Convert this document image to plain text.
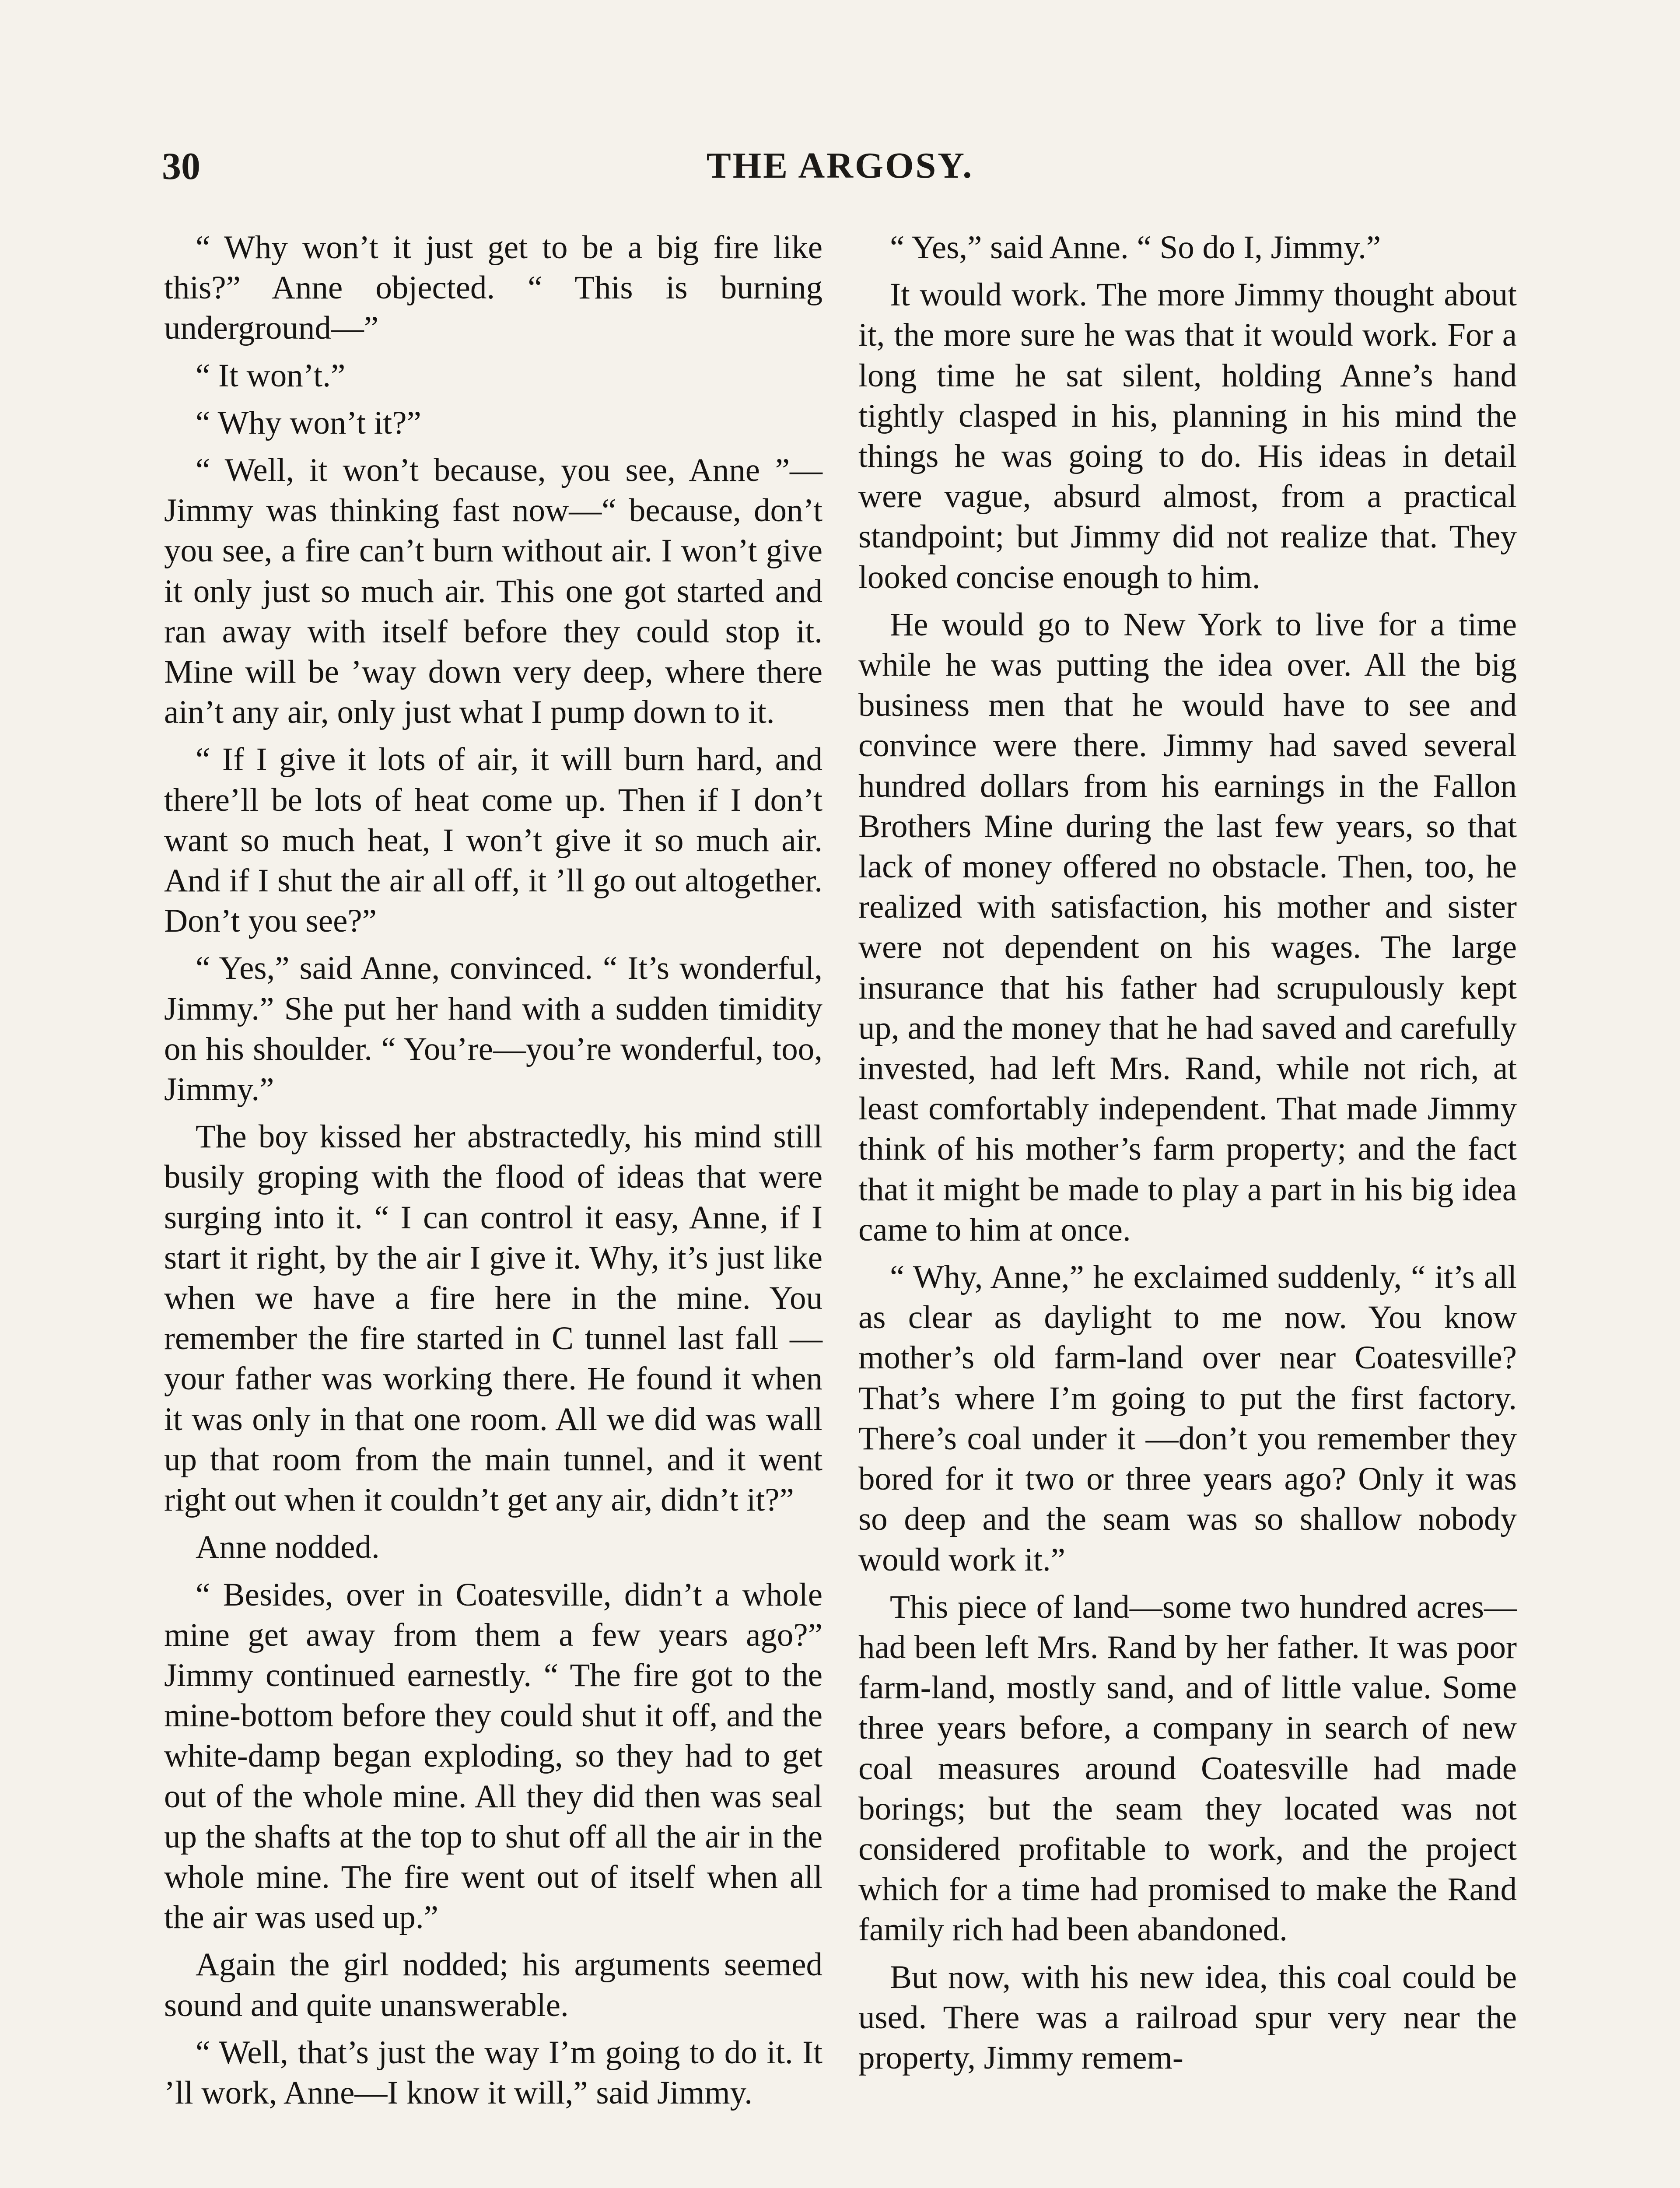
30	THE ARGOSY.

“ Why won’t it just get to be a big fire like this?” Anne objected. “ This is burning underground—”

“ It won’t.”

“ Why won’t it?”

“ Well, it won’t because, you see, Anne ”—Jimmy was thinking fast now—“ because, don’t you see, a fire can’t burn without air. I won’t give it only just so much air. This one got started and ran away with itself before they could stop it. Mine will be ’way down very deep, where there ain’t any air, only just what I pump down to it.

“ If I give it lots of air, it will burn hard, and there’ll be lots of heat come up. Then if I don’t want so much heat, I won’t give it so much air. And if I shut the air all off, it ’ll go out altogether. Don’t you see?”

“ Yes,” said Anne, convinced. “ It’s wonderful, Jimmy.” She put her hand with a sudden timidity on his shoulder. “ You’re—you’re wonderful, too, Jimmy.”

The boy kissed her abstractedly, his mind still busily groping with the flood of ideas that were surging into it. “ I can control it easy, Anne, if I start it right, by the air I give it. Why, it’s just like when we have a fire here in the mine. You remember the fire started in C tunnel last fall —your father was working there. He found it when it was only in that one room. All we did was wall up that room from the main tunnel, and it went right out when it couldn’t get any air, didn’t it?”

Anne nodded.

“ Besides, over in Coatesville, didn’t a whole mine get away from them a few years ago?” Jimmy continued earnestly. “ The fire got to the mine-bottom before they could shut it off, and the white-damp began exploding, so they had to get out of the whole mine. All they did then was seal up the shafts at the top to shut off all the air in the whole mine. The fire went out of itself when all the air was used up.”

Again the girl nodded; his arguments seemed sound and quite unanswerable.

“ Well, that’s just the way I’m going to do it. It ’ll work, Anne—I know it will,” said Jimmy.

“ Yes,” said Anne. “ So do I, Jimmy.”

It would work. The more Jimmy thought about it, the more sure he was that it would work. For a long time he sat silent, holding Anne’s hand tightly clasped in his, planning in his mind the things he was going to do. His ideas in detail were vague, absurd almost, from a practical standpoint; but Jimmy did not realize that. They looked concise enough to him.

He would go to New York to live for a time while he was putting the idea over. All the big business men that he would have to see and convince were there. Jimmy had saved several hundred dollars from his earnings in the Fallon Brothers Mine during the last few years, so that lack of money offered no obstacle. Then, too, he realized with satisfaction, his mother and sister were not dependent on his wages. The large insurance that his father had scrupulously kept up, and the money that he had saved and carefully invested, had left Mrs. Rand, while not rich, at least comfortably independent. That made Jimmy think of his mother’s farm property; and the fact that it might be made to play a part in his big idea came to him at once.

“ Why, Anne,” he exclaimed suddenly, “ it’s all as clear as daylight to me now. You know mother’s old farm-land over near Coatesville? That’s where I’m going to put the first factory. There’s coal under it —don’t you remember they bored for it two or three years ago? Only it was so deep and the seam was so shallow nobody would work it.”

This piece of land—some two hundred acres—had been left Mrs. Rand by her father. It was poor farm-land, mostly sand, and of little value. Some three years before, a company in search of new coal measures around Coatesville had made borings; but the seam they located was not considered profitable to work, and the project which for a time had promised to make the Rand family rich had been abandoned.

But now, with his new idea, this coal could be used. There was a railroad spur very near the property, Jimmy remem-
